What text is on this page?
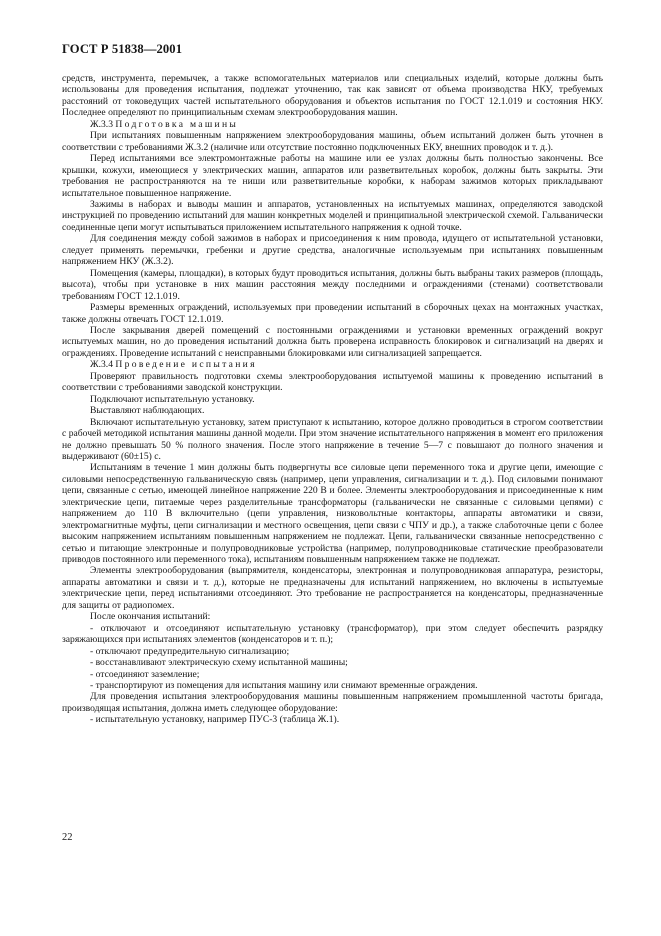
ГОСТ Р 51838—2001

средств, инструмента, перемычек, а также вспомогательных материалов или специальных изделий, которые должны быть использованы для проведения испытания, подлежат уточнению, так как зависят от объема производства НКУ, требуемых расстояний от токоведущих частей испытательного оборудования и объектов испытания по ГОСТ 12.1.019 и состояния НКУ. Последнее определяют по принципиальным схемам электрооборудования машин.

Ж.3.3 Подготовка машины

При испытаниях повышенным напряжением электрооборудования машины, объем испытаний должен быть уточнен в соответствии с требованиями Ж.3.2 (наличие или отсутствие постоянно подключенных ЕКУ, внешних проводок и т. д.).

Перед испытаниями все электромонтажные работы на машине или ее узлах должны быть полностью закончены. Все крышки, кожухи, имеющиеся у электрических машин, аппаратов или разветвительных коробок, должны быть закрыты. Эти требования не распространяются на те ниши или разветвительные коробки, к наборам зажимов которых прикладывают испытательное повышенное напряжение.

Зажимы в наборах и выводы машин и аппаратов, установленных на испытуемых машинах, определяются заводской инструкцией по проведению испытаний для машин конкретных моделей и принципиальной электрической схемой. Гальванически соединенные цепи могут испытываться приложением испытательного напряжения к одной точке.

Для соединения между собой зажимов в наборах и присоединения к ним провода, идущего от испытательной установки, следует применять перемычки, гребенки и другие средства, аналогичные используемым при испытаниях повышенным напряжением НКУ (Ж.3.2).

Помещения (камеры, площадки), в которых будут проводиться испытания, должны быть выбраны таких размеров (площадь, высота), чтобы при установке в них машин расстояния между последними и ограждениями (стенами) соответствовали требованиям ГОСТ 12.1.019.

Размеры временных ограждений, используемых при проведении испытаний в сборочных цехах на монтажных участках, также должны отвечать ГОСТ 12.1.019.

После закрывания дверей помещений с постоянными ограждениями и установки временных ограждений вокруг испытуемых машин, но до проведения испытаний должна быть проверена исправность блокировок и сигнализаций на дверях и ограждениях. Проведение испытаний с неисправными блокировками или сигнализацией запрещается.

Ж.3.4 Проведение испытания

Проверяют правильность подготовки схемы электрооборудования испытуемой машины к проведению испытаний в соответствии с требованиями заводской конструкции.

Подключают испытательную установку.

Выставляют наблюдающих.

Включают испытательную установку, затем приступают к испытанию, которое должно проводиться в строгом соответствии с рабочей методикой испытания машины данной модели. При этом значение испытательного напряжения в момент его приложения не должно превышать 50 % полного значения. После этого напряжение в течение 5—7 с повышают до полного значения и выдерживают (60±15) с.

Испытаниям в течение 1 мин должны быть подвергнуты все силовые цепи переменного тока и другие цепи, имеющие с силовыми непосредственную гальваническую связь (например, цепи управления, сигнализации и т. д.). Под силовыми понимают цепи, связанные с сетью, имеющей линейное напряжение 220 В и более. Элементы электрооборудования и присоединенные к ним электрические цепи, питаемые через разделительные трансформаторы (гальванически не связанные с силовыми цепями) с напряжением до 110 В включительно (цепи управления, низковольтные контакторы, аппараты автоматики и связи, электромагнитные муфты, цепи сигнализации и местного освещения, цепи связи с ЧПУ и др.), а также слаботочные цепи с более высоким напряжением испытаниям повышенным напряжением не подлежат. Цепи, гальванически связанные непосредственно с сетью и питающие электронные и полупроводниковые устройства (например, полупроводниковые статические преобразователи приводов постоянного или переменного тока), испытаниям повышенным напряжением также не подлежат.

Элементы электрооборудования (выпрямителя, конденсаторы, электронная и полупроводниковая аппаратура, резисторы, аппараты автоматики и связи и т. д.), которые не предназначены для испытаний напряжением, но включены в испытуемые электрические цепи, перед испытаниями отсоединяют. Это требование не распространяется на конденсаторы, предназначенные для защиты от радиопомех.

После окончания испытаний:

- отключают и отсоединяют испытательную установку (трансформатор), при этом следует обеспечить разрядку заряжающихся при испытаниях элементов (конденсаторов и т. п.);

- отключают предупредительную сигнализацию;

- восстанавливают электрическую схему испытанной машины;

- отсоединяют заземление;

- транспортируют из помещения для испытания машину или снимают временные ограждения.

Для проведения испытания электрооборудования машины повышенным напряжением промышленной частоты бригада, производящая испытания, должна иметь следующее оборудование:

- испытательную установку, например ПУС-3 (таблица Ж.1).

22
